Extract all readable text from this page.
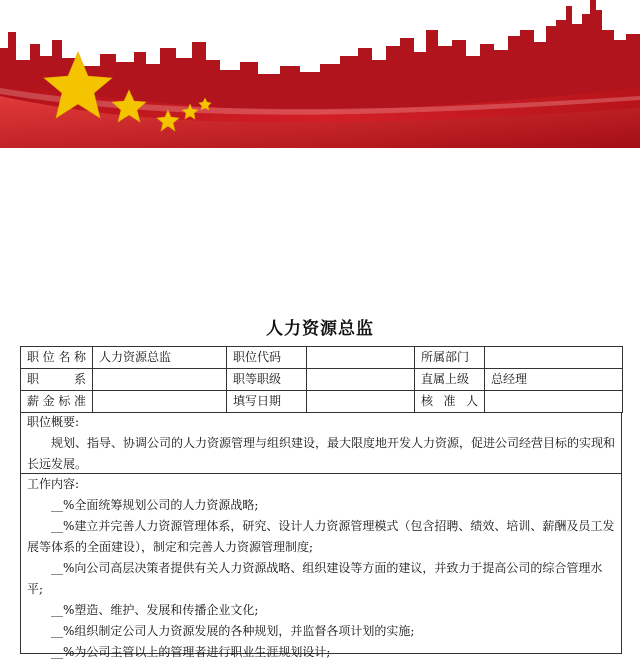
人力资源总监
职位名称	人力资源总监	职位代码		所属部门	
职　　系		职等职级		直属上级	总经理
薪金标准		填写日期		核 准 人	
职位概要:
规划、指导、协调公司的人力资源管理与组织建设，最大限度地开发人力资源，促进公司经营目标的实现和长远发展。
工作内容:
__%全面统筹规划公司的人力资源战略;
__%建立并完善人力资源管理体系，研究、设计人力资源管理模式（包含招聘、绩效、培训、薪酬及员工发展等体系的全面建设），制定和完善人力资源管理制度;
__%向公司高层决策者提供有关人力资源战略、组织建设等方面的建议，并致力于提高公司的综合管理水平;
__%塑造、维护、发展和传播企业文化;
__%组织制定公司人力资源发展的各种规划，并监督各项计划的实施;
__%为公司主管以上的管理者进行职业生涯规划设计;
